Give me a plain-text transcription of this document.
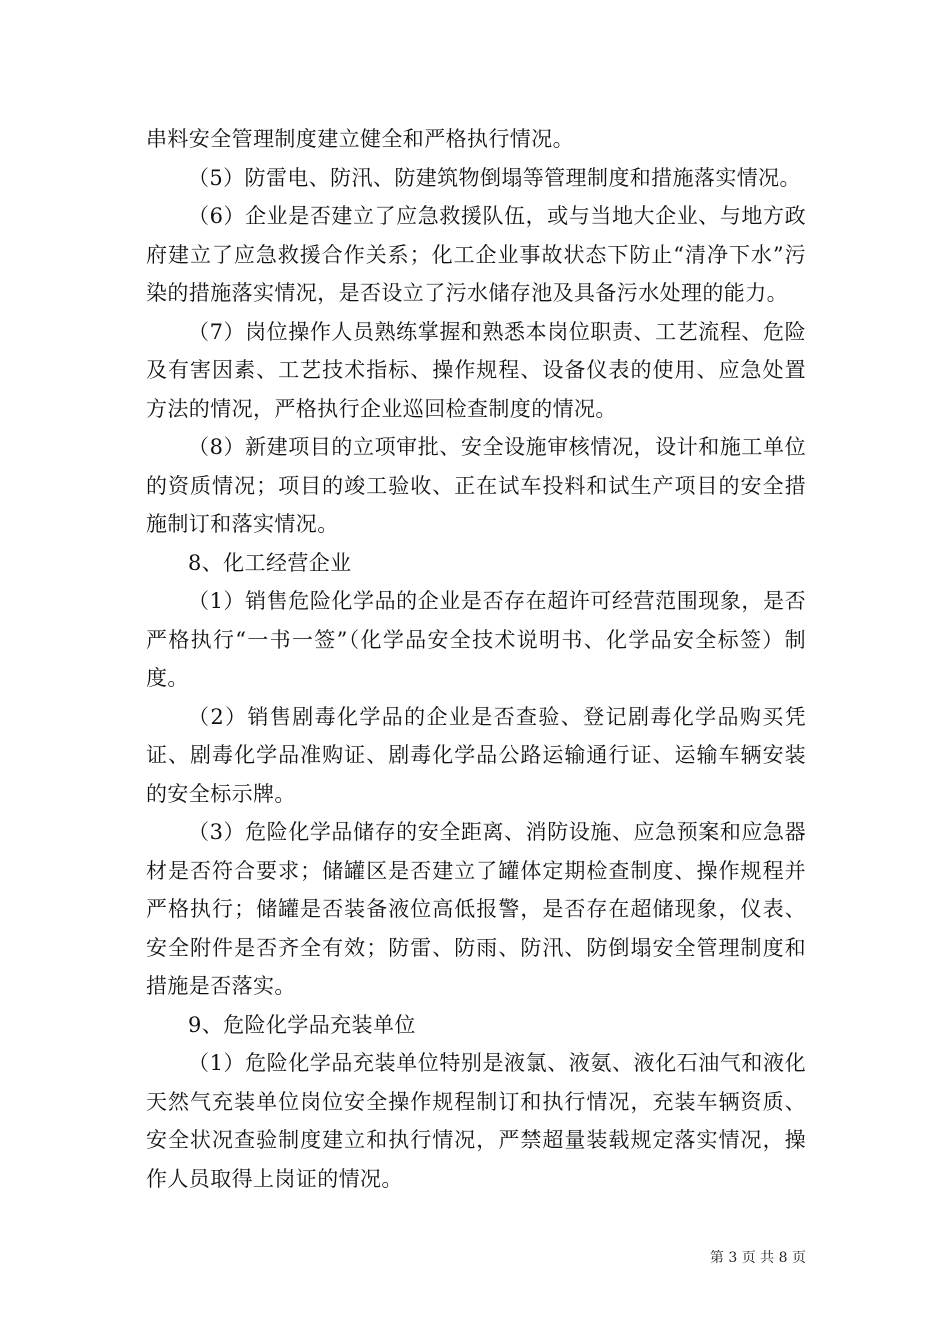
串料安全管理制度建立健全和严格执行情况。

（5）防雷电、防汛、防建筑物倒塌等管理制度和措施落实情况。

（6）企业是否建立了应急救援队伍，或与当地大企业、与地方政府建立了应急救援合作关系；化工企业事故状态下防止“清净下水”污染的措施落实情况，是否设立了污水储存池及具备污水处理的能力。

（7）岗位操作人员熟练掌握和熟悉本岗位职责、工艺流程、危险及有害因素、工艺技术指标、操作规程、设备仪表的使用、应急处置方法的情况，严格执行企业巡回检查制度的情况。

（8）新建项目的立项审批、安全设施审核情况，设计和施工单位的资质情况；项目的竣工验收、正在试车投料和试生产项目的安全措施制订和落实情况。

8、化工经营企业

（1）销售危险化学品的企业是否存在超许可经营范围现象，是否严格执行“一书一签”（化学品安全技术说明书、化学品安全标签）制度。

（2）销售剧毒化学品的企业是否查验、登记剧毒化学品购买凭证、剧毒化学品准购证、剧毒化学品公路运输通行证、运输车辆安装的安全标示牌。

（3）危险化学品储存的安全距离、消防设施、应急预案和应急器材是否符合要求；储罐区是否建立了罐体定期检查制度、操作规程并严格执行；储罐是否装备液位高低报警，是否存在超储现象，仪表、安全附件是否齐全有效；防雷、防雨、防汛、防倒塌安全管理制度和措施是否落实。

9、危险化学品充装单位

（1）危险化学品充装单位特别是液氯、液氨、液化石油气和液化天然气充装单位岗位安全操作规程制订和执行情况，充装车辆资质、安全状况查验制度建立和执行情况，严禁超量装载规定落实情况，操作人员取得上岗证的情况。

第 3 页 共 8 页
